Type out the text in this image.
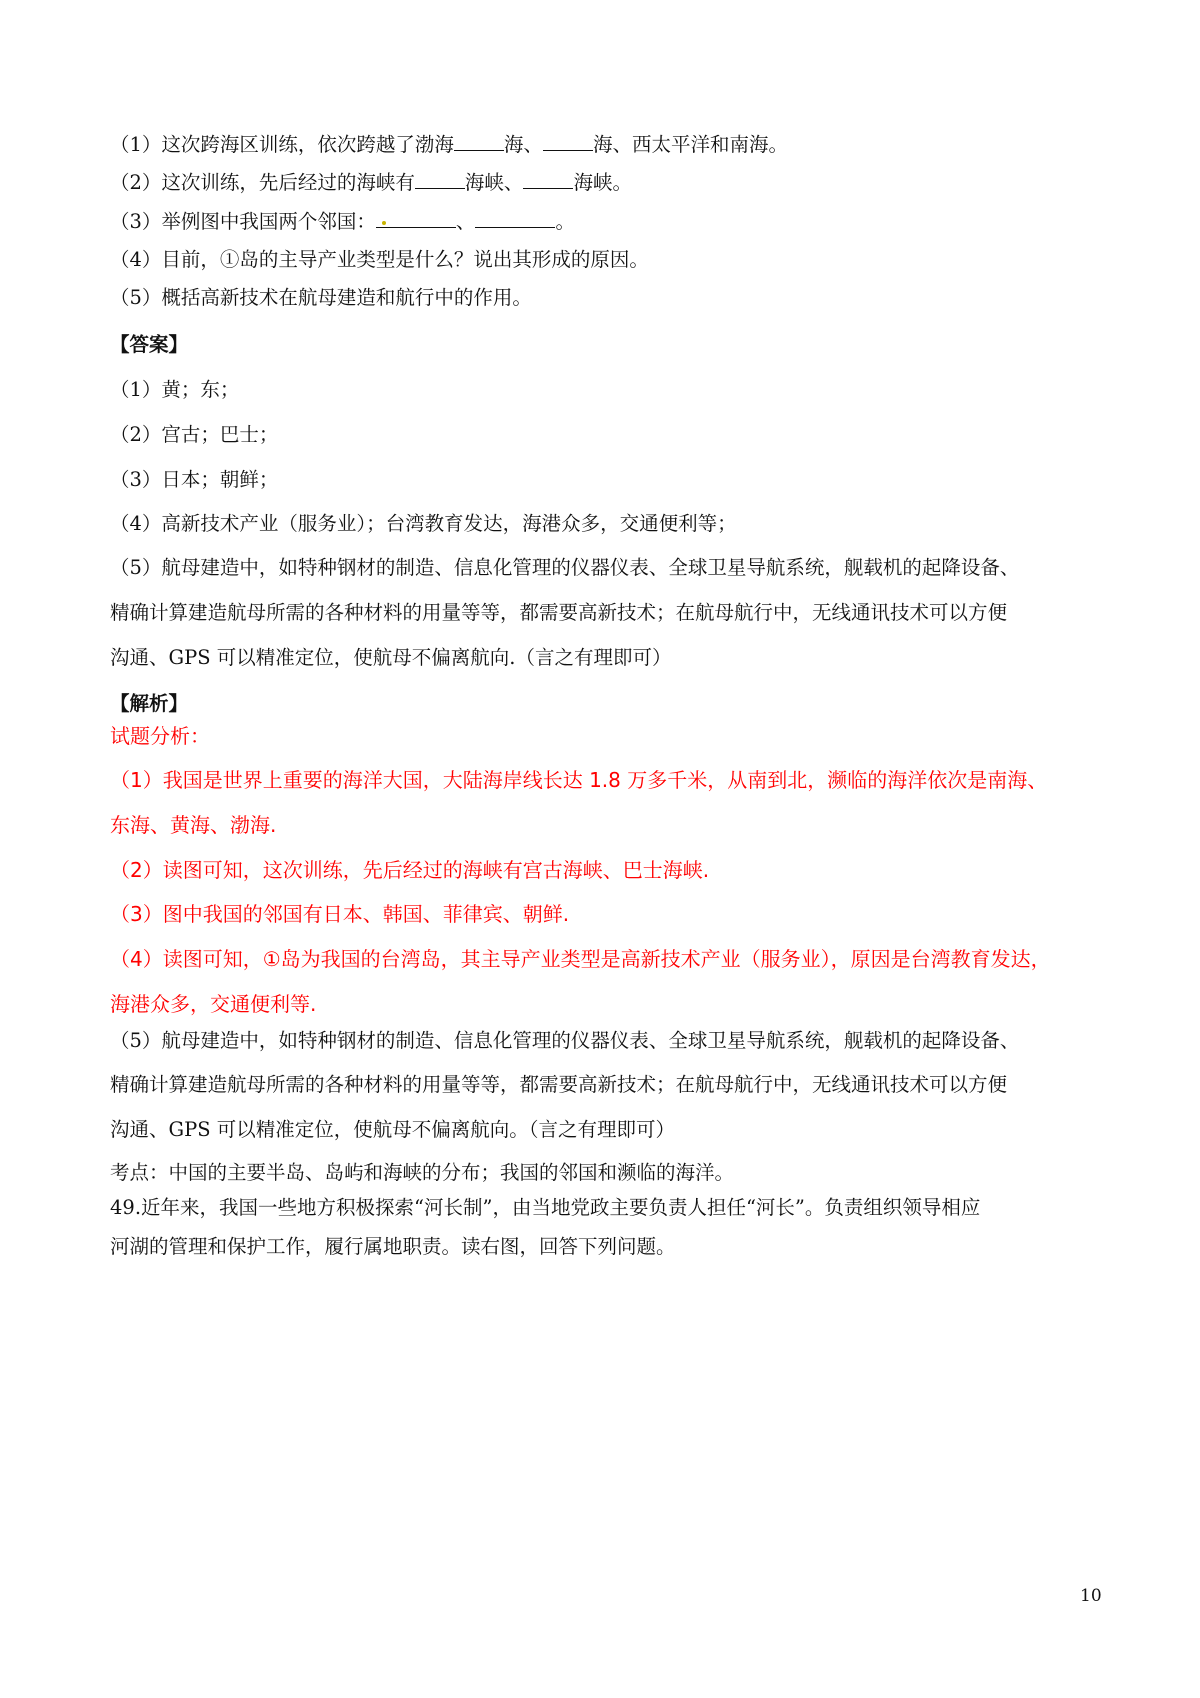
（1）这次跨海区训练，依次跨越了渤海	海、	海、西太平洋和南海。
（2）这次训练，先后经过的海峡有	海峡、	海峡。
（3）举例图中我国两个邻国：	、	。
（4）目前，①岛的主导产业类型是什么？说出其形成的原因。
（5）概括高新技术在航母建造和航行中的作用。
【答案】
（1）黄；东；
（2）宫古；巴士；
（3）日本；朝鲜；
（4）高新技术产业（服务业）；台湾教育发达，海港众多，交通便利等；
（5）航母建造中，如特种钢材的制造、信息化管理的仪器仪表、全球卫星导航系统，舰载机的起降设备、
精确计算建造航母所需的各种材料的用量等等，都需要高新技术；在航母航行中，无线通讯技术可以方便
沟通、GPS 可以精准定位，使航母不偏离航向.（言之有理即可）
【解析】
试题分析：
（1）我国是世界上重要的海洋大国，大陆海岸线长达 1.8 万多千米，从南到北，濒临的海洋依次是南海、
东海、黄海、渤海.
（2）读图可知，这次训练，先后经过的海峡有宫古海峡、巴士海峡.
（3）图中我国的邻国有日本、韩国、菲律宾、朝鲜.
（4）读图可知，①岛为我国的台湾岛，其主导产业类型是高新技术产业（服务业），原因是台湾教育发达，
海港众多，交通便利等.
（5）航母建造中，如特种钢材的制造、信息化管理的仪器仪表、全球卫星导航系统，舰载机的起降设备、
精确计算建造航母所需的各种材料的用量等等，都需要高新技术；在航母航行中，无线通讯技术可以方便
沟通、GPS 可以精准定位，使航母不偏离航向。（言之有理即可）
考点：中国的主要半岛、岛屿和海峡的分布；我国的邻国和濒临的海洋。
49.近年来，我国一些地方积极探索“河长制”，由当地党政主要负责人担任“河长”。负责组织领导相应
河湖的管理和保护工作，履行属地职责。读右图，回答下列问题。
10
